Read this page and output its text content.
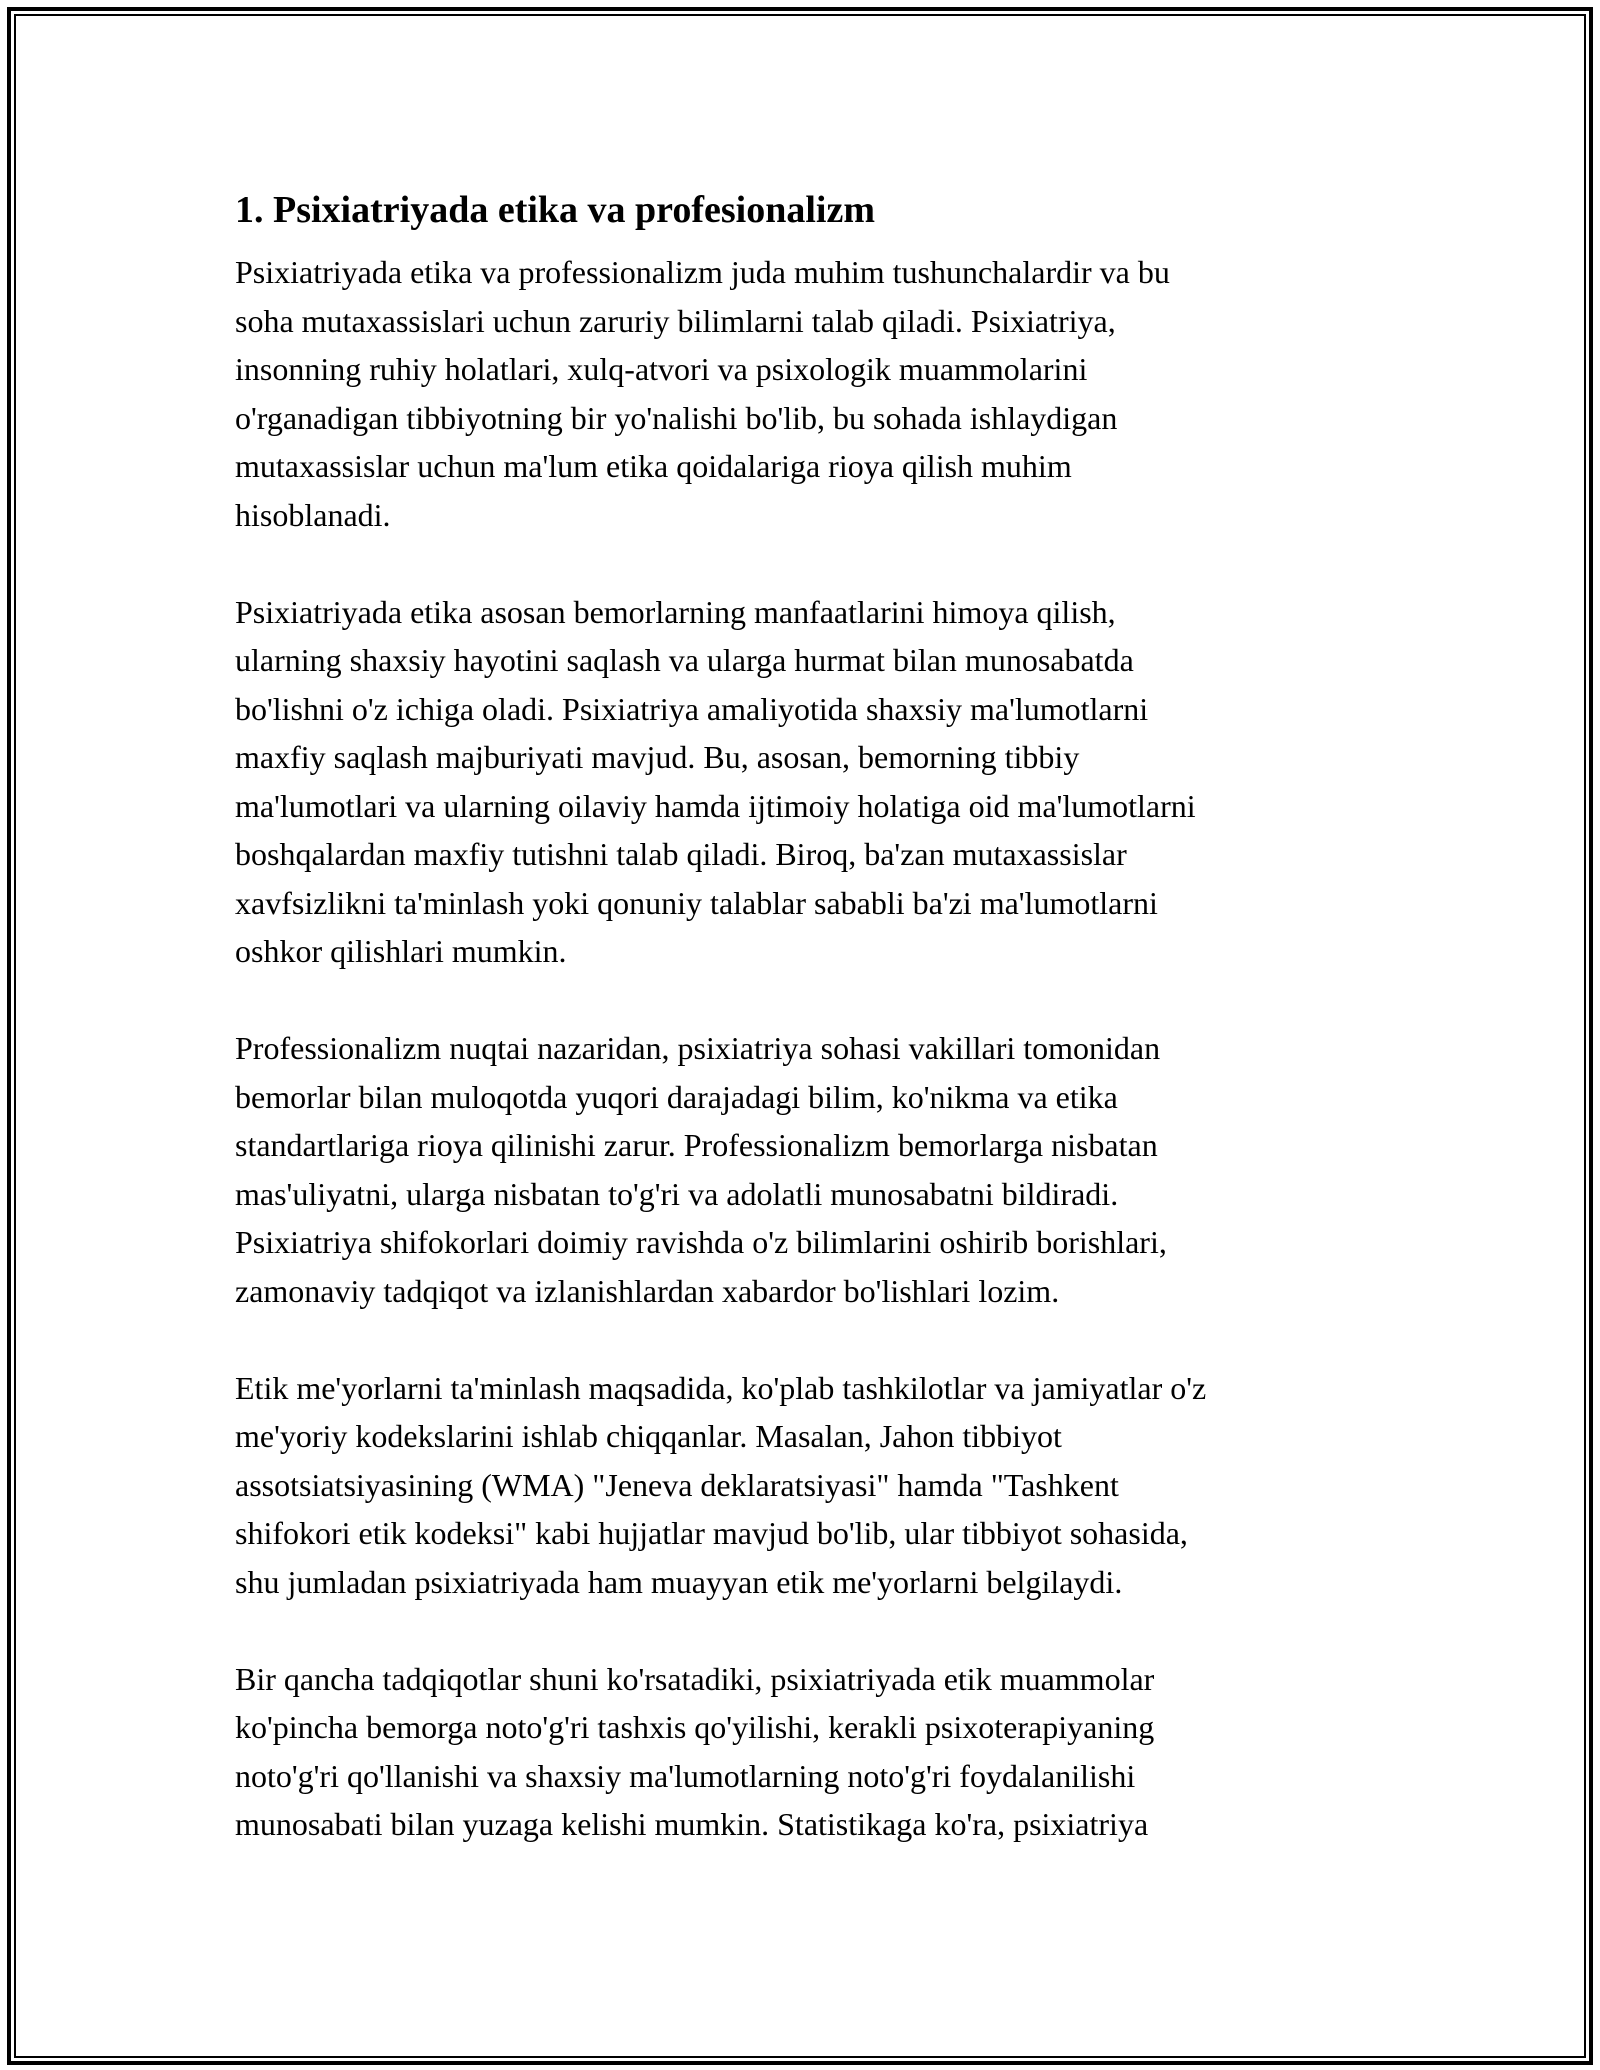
1. Psixiatriyada etika va profesionalizm

Psixiatriyada etika va professionalizm juda muhim tushunchalardir va bu
soha mutaxassislari uchun zaruriy bilimlarni talab qiladi. Psixiatriya,
insonning ruhiy holatlari, xulq-atvori va psixologik muammolarini
o'rganadigan tibbiyotning bir yo'nalishi bo'lib, bu sohada ishlaydigan
mutaxassislar uchun ma'lum etika qoidalariga rioya qilish muhim
hisoblanadi.

Psixiatriyada etika asosan bemorlarning manfaatlarini himoya qilish,
ularning shaxsiy hayotini saqlash va ularga hurmat bilan munosabatda
bo'lishni o'z ichiga oladi. Psixiatriya amaliyotida shaxsiy ma'lumotlarni
maxfiy saqlash majburiyati mavjud. Bu, asosan, bemorning tibbiy
ma'lumotlari va ularning oilaviy hamda ijtimoiy holatiga oid ma'lumotlarni
boshqalardan maxfiy tutishni talab qiladi. Biroq, ba'zan mutaxassislar
xavfsizlikni ta'minlash yoki qonuniy talablar sababli ba'zi ma'lumotlarni
oshkor qilishlari mumkin.

Professionalizm nuqtai nazaridan, psixiatriya sohasi vakillari tomonidan
bemorlar bilan muloqotda yuqori darajadagi bilim, ko'nikma va etika
standartlariga rioya qilinishi zarur. Professionalizm bemorlarga nisbatan
mas'uliyatni, ularga nisbatan to'g'ri va adolatli munosabatni bildiradi.
Psixiatriya shifokorlari doimiy ravishda o'z bilimlarini oshirib borishlari,
zamonaviy tadqiqot va izlanishlardan xabardor bo'lishlari lozim.

Etik me'yorlarni ta'minlash maqsadida, ko'plab tashkilotlar va jamiyatlar o'z
me'yoriy kodekslarini ishlab chiqqanlar. Masalan, Jahon tibbiyot
assotsiatsiyasining (WMA) "Jeneva deklaratsiyasi" hamda "Tashkent
shifokori etik kodeksi" kabi hujjatlar mavjud bo'lib, ular tibbiyot sohasida,
shu jumladan psixiatriyada ham muayyan etik me'yorlarni belgilaydi.

Bir qancha tadqiqotlar shuni ko'rsatadiki, psixiatriyada etik muammolar
ko'pincha bemorga noto'g'ri tashxis qo'yilishi, kerakli psixoterapiyaning
noto'g'ri qo'llanishi va shaxsiy ma'lumotlarning noto'g'ri foydalanilishi
munosabati bilan yuzaga kelishi mumkin. Statistikaga ko'ra, psixiatriya
